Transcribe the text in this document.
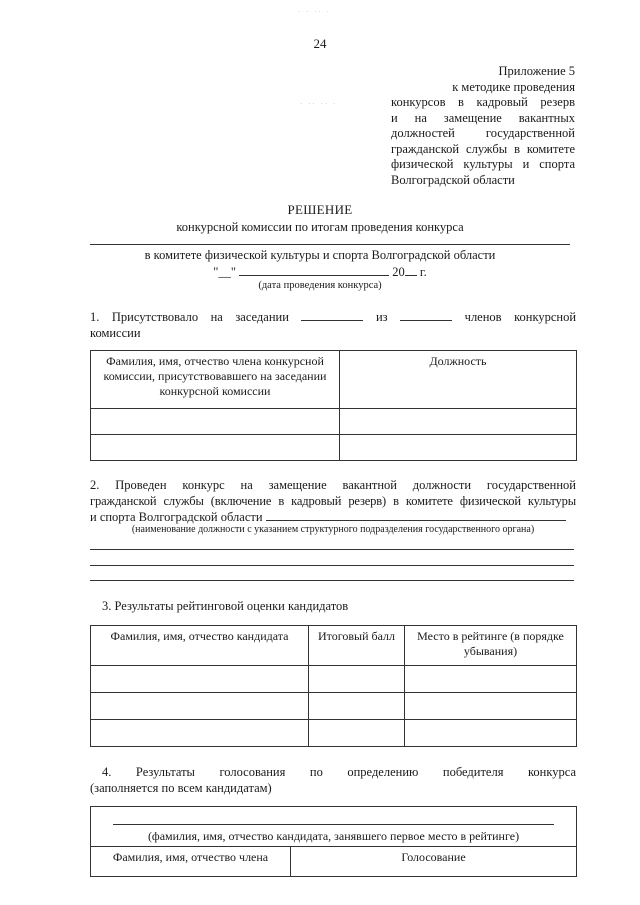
· · ·· ·
· ·· ·· ·
24
Приложение 5
к методике проведения
конкурсов в кадровый резерв
и на замещение вакантных
должностей государственной
гражданской службы в комитете
физической культуры и спорта
Волгоградской области
РЕШЕНИЕ
конкурсной комиссии по итогам проведения конкурса
в комитете физической культуры и спорта Волгоградской области
"__"	20 г.
(дата проведения конкурса)
1. Присутствовало на заседании	из	членов конкурсной
комиссии
Фамилия, имя, отчество члена конкурсной комиссии, присутствовавшего на заседании конкурсной комиссии	Должность

2. Проведен конкурс на замещение вакантной должности государственной
гражданской службы (включение в кадровый резерв) в комитете физической культуры
и спорта Волгоградской области
(наименование должности с указанием структурного подразделения государственного органа)
3. Результаты рейтинговой оценки кандидатов
Фамилия, имя, отчество кандидата	Итоговый балл	Место в рейтинге (в порядке убывания)

4. Результаты голосования по определению победителя конкурса
(заполняется по всем кандидатам)
(фамилия, имя, отчество кандидата, занявшего первое место в рейтинге)
Фамилия, имя, отчество члена	Голосование
